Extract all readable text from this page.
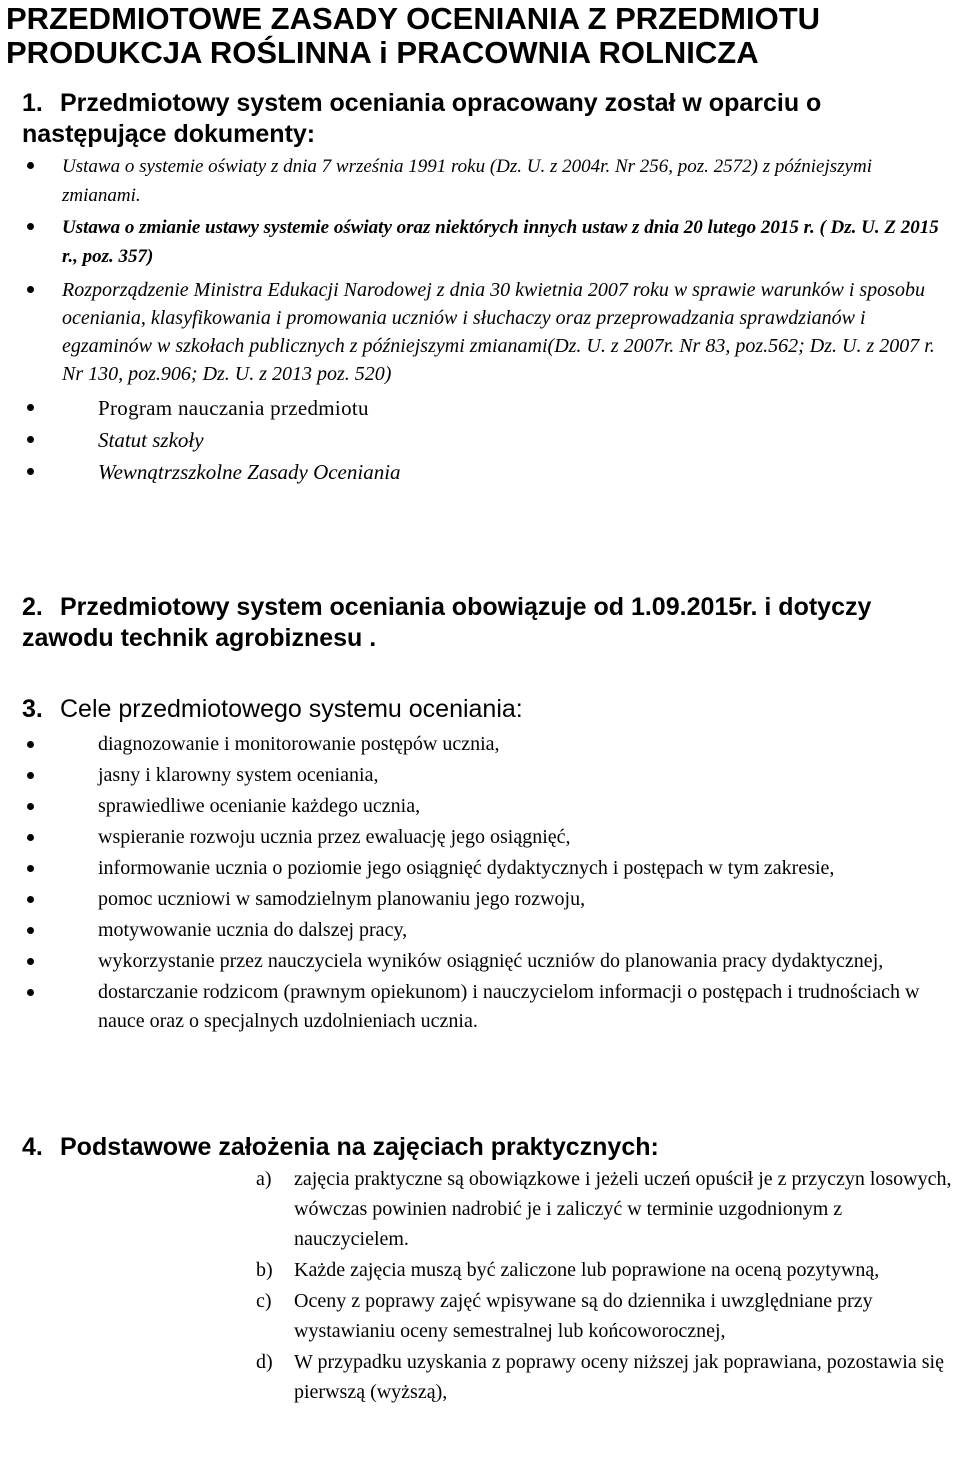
PRZEDMIOTOWE ZASADY OCENIANIA Z PRZEDMIOTU
PRODUKCJA ROŚLINNA i PRACOWNIA ROLNICZA
1. Przedmiotowy system oceniania opracowany został w oparciu o następujące dokumenty:
Ustawa o systemie oświaty z dnia 7 września 1991 roku (Dz. U. z 2004r. Nr 256, poz. 2572) z późniejszymi zmianami.
Ustawa o zmianie ustawy systemie oświaty oraz niektórych innych ustaw z dnia 20 lutego 2015 r. ( Dz. U. Z 2015 r., poz. 357)
Rozporządzenie Ministra Edukacji Narodowej z dnia 30 kwietnia 2007 roku w sprawie warunków i sposobu oceniania, klasyfikowania i promowania uczniów i słuchaczy oraz przeprowadzania sprawdzianów i egzaminów w szkołach publicznych z późniejszymi zmianami(Dz. U. z 2007r. Nr 83, poz.562; Dz. U. z 2007 r. Nr 130, poz.906; Dz. U. z 2013 poz. 520)
Program nauczania przedmiotu
Statut szkoły
Wewnątrzszkolne Zasady Oceniania
2. Przedmiotowy system oceniania obowiązuje od 1.09.2015r. i dotyczy zawodu technik agrobiznesu .
3. Cele przedmiotowego systemu oceniania:
diagnozowanie i monitorowanie postępów ucznia,
jasny i klarowny system oceniania,
sprawiedliwe ocenianie każdego ucznia,
wspieranie rozwoju ucznia przez ewaluację jego osiągnięć,
informowanie ucznia o poziomie jego osiągnięć dydaktycznych i postępach w tym zakresie,
pomoc uczniowi w samodzielnym planowaniu jego rozwoju,
motywowanie ucznia do dalszej pracy,
wykorzystanie przez nauczyciela wyników osiągnięć uczniów do planowania pracy dydaktycznej,
dostarczanie rodzicom (prawnym opiekunom) i nauczycielom informacji o postępach i trudnościach w nauce oraz o specjalnych uzdolnieniach ucznia.
4. Podstawowe założenia na zajęciach praktycznych:
a) zajęcia praktyczne są obowiązkowe i jeżeli uczeń opuścił je z przyczyn losowych, wówczas powinien nadrobić je i zaliczyć w terminie uzgodnionym z nauczycielem.
b) Każde zajęcia muszą być zaliczone lub poprawione na oceną pozytywną,
c) Oceny z poprawy zajęć wpisywane są do dziennika i uwzględniane przy wystawianiu oceny semestralnej lub końcoworocznej,
d) W przypadku uzyskania z poprawy oceny niższej jak poprawiana, pozostawia się pierwszą (wyższą),
